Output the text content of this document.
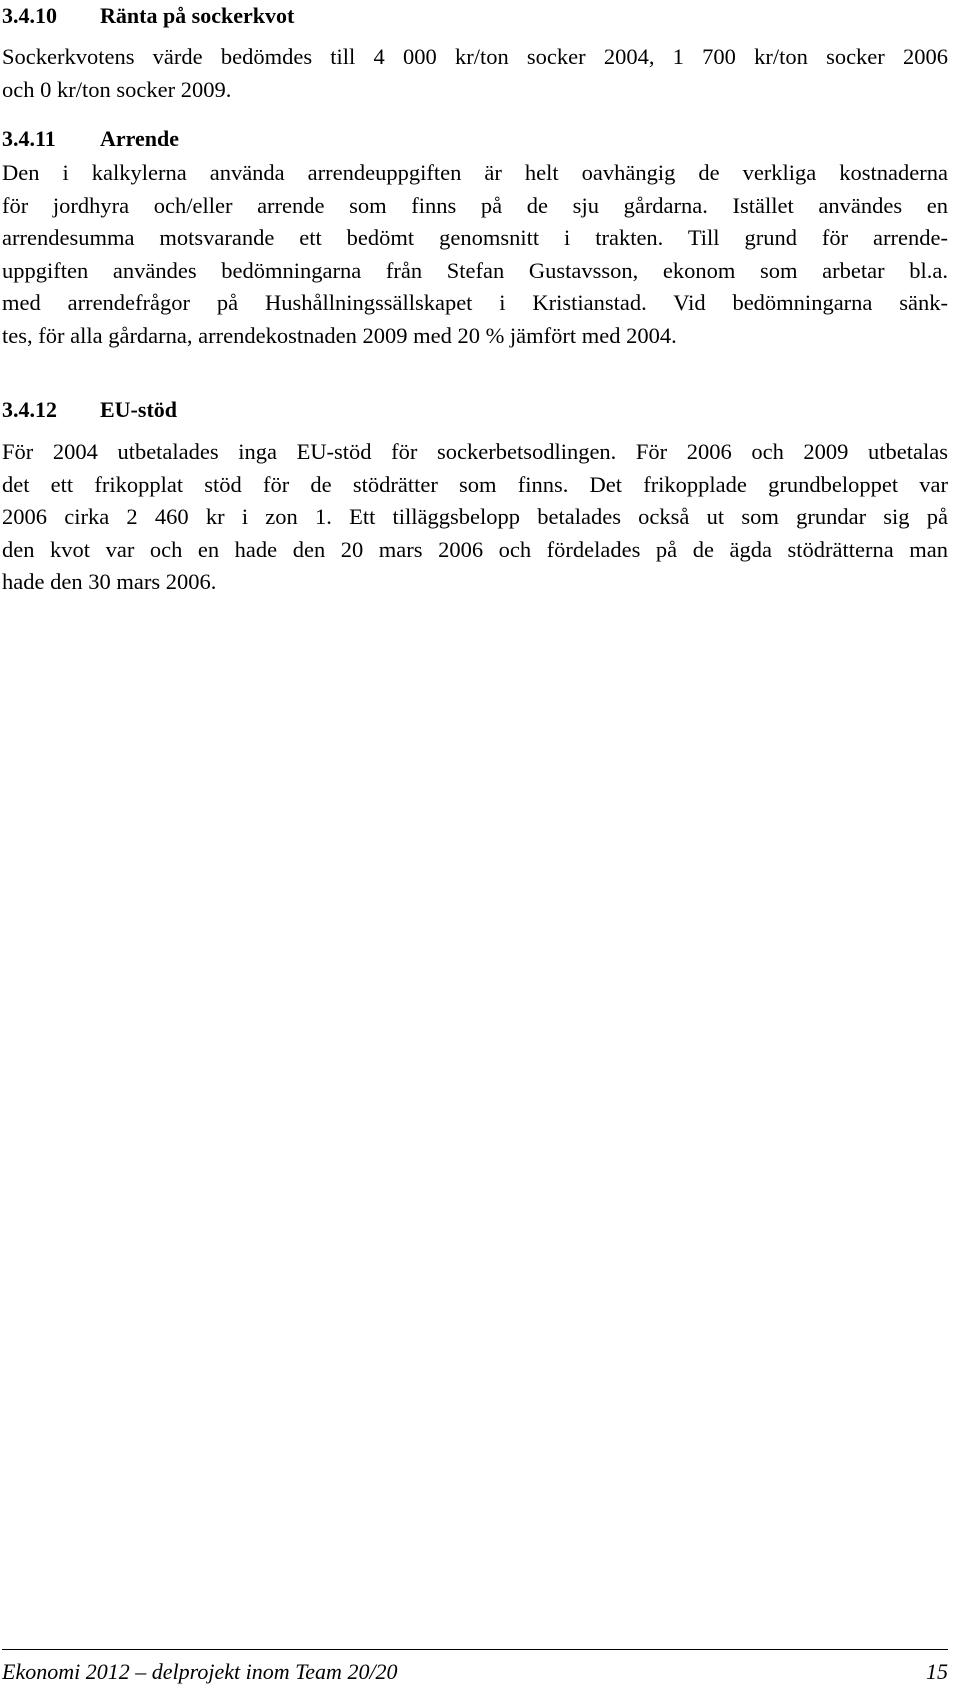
3.4.10 Ränta på sockerkvot

Sockerkvotens värde bedömdes till 4 000 kr/ton socker 2004, 1 700 kr/ton socker 2006
och 0 kr/ton socker 2009.

3.4.11 Arrende

Den i kalkylerna använda arrendeuppgiften är helt oavhängig de verkliga kostnaderna
för jordhyra och/eller arrende som finns på de sju gårdarna. Istället användes en
arrendesumma motsvarande ett bedömt genomsnitt i trakten. Till grund för arrende-
uppgiften användes bedömningarna från Stefan Gustavsson, ekonom som arbetar bl.a.
med arrendefrågor på Hushållningssällskapet i Kristianstad. Vid bedömningarna sänk-
tes, för alla gårdarna, arrendekostnaden 2009 med 20 % jämfört med 2004.

3.4.12 EU-stöd

För 2004 utbetalades inga EU-stöd för sockerbetsodlingen. För 2006 och 2009 utbetalas
det ett frikopplat stöd för de stödrätter som finns. Det frikopplade grundbeloppet var
2006 cirka 2 460 kr i zon 1. Ett tilläggsbelopp betalades också ut som grundar sig på
den kvot var och en hade den 20 mars 2006 och fördelades på de ägda stödrätterna man
hade den 30 mars 2006.

Ekonomi 2012 – delprojekt inom Team 20/20	15
